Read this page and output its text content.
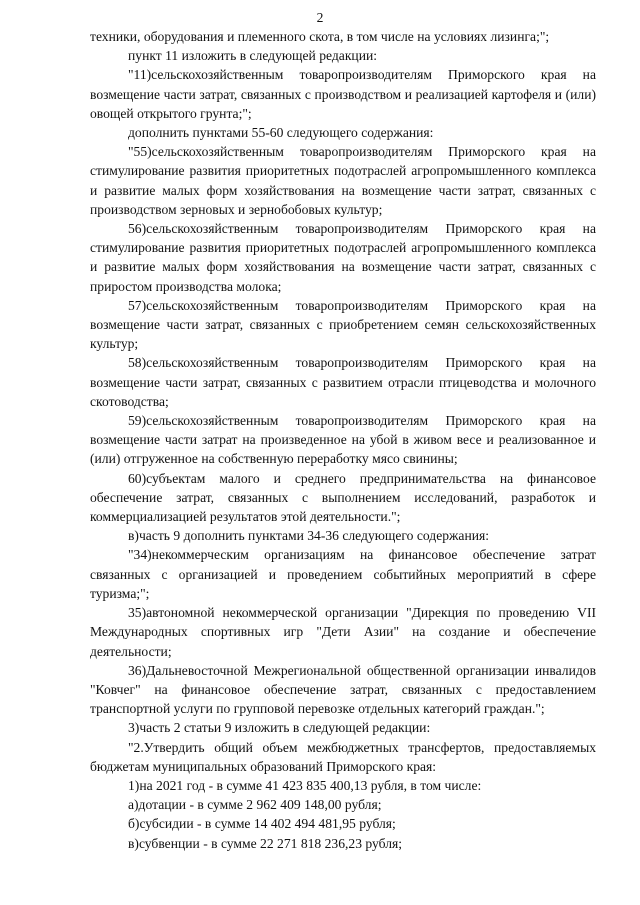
2

техники, оборудования и племенного скота, в том числе на условиях лизинга;";

пункт 11 изложить в следующей редакции:

"11)сельскохозяйственным товаропроизводителям Приморского края на возмещение части затрат, связанных с производством и реализацией картофеля и (или) овощей открытого грунта;";

дополнить пунктами 55-60 следующего содержания:

"55)сельскохозяйственным товаропроизводителям Приморского края на стимулирование развития приоритетных подотраслей агропромышленного комплекса и развитие малых форм хозяйствования на возмещение части затрат, связанных с производством зерновых и зернобобовых культур;

56)сельскохозяйственным товаропроизводителям Приморского края на стимулирование развития приоритетных подотраслей агропромышленного комплекса и развитие малых форм хозяйствования на возмещение части затрат, связанных с приростом производства молока;

57)сельскохозяйственным товаропроизводителям Приморского края на возмещение части затрат, связанных с приобретением семян сельскохозяйственных культур;

58)сельскохозяйственным товаропроизводителям Приморского края на возмещение части затрат, связанных с развитием отрасли птицеводства и молочного скотоводства;

59)сельскохозяйственным товаропроизводителям Приморского края на возмещение части затрат на произведенное на убой в живом весе и реализованное и (или) отгруженное на собственную переработку мясо свинины;

60)субъектам малого и среднего предпринимательства на финансовое обеспечение затрат, связанных с выполнением исследований, разработок и коммерциализацией результатов этой деятельности.";

в)часть 9 дополнить пунктами 34-36 следующего содержания:

"34)некоммерческим организациям на финансовое обеспечение затрат связанных с организацией и проведением событийных мероприятий в сфере туризма;";

35)автономной некоммерческой организации "Дирекция по проведению VII Международных спортивных игр "Дети Азии" на создание и обеспечение деятельности;

36)Дальневосточной Межрегиональной общественной организации инвалидов "Ковчег" на финансовое обеспечение затрат, связанных с предоставлением транспортной услуги по групповой перевозке отдельных категорий граждан.";

3)часть 2 статьи 9 изложить в следующей редакции:

"2.Утвердить общий объем межбюджетных трансфертов, предоставляемых бюджетам муниципальных образований Приморского края:

1)на 2021 год - в сумме 41 423 835 400,13 рубля, в том числе:

а)дотации - в сумме 2 962 409 148,00 рубля;

б)субсидии - в сумме 14 402 494 481,95 рубля;

в)субвенции - в сумме 22 271 818 236,23 рубля;
